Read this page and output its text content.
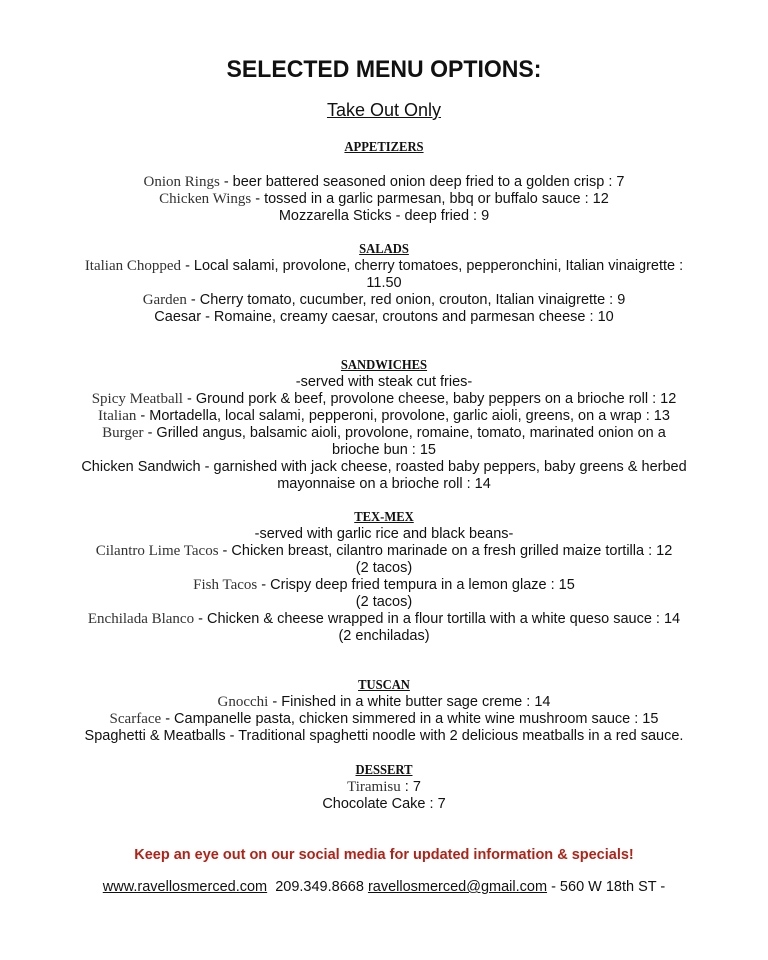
SELECTED MENU OPTIONS:
Take Out Only
APPETIZERS
Onion Rings - beer battered seasoned onion deep fried to a golden crisp : 7
Chicken Wings - tossed in a garlic parmesan, bbq or buffalo sauce : 12
Mozzarella Sticks - deep fried : 9
SALADS
Italian Chopped - Local salami, provolone, cherry tomatoes, pepperonchini, Italian vinaigrette :
11.50
Garden - Cherry tomato, cucumber, red onion, crouton, Italian vinaigrette : 9
Caesar - Romaine, creamy caesar, croutons and parmesan cheese : 10
SANDWICHES
-served with steak cut fries-
Spicy Meatball - Ground pork & beef, provolone cheese, baby peppers on a brioche roll : 12
Italian - Mortadella, local salami, pepperoni, provolone, garlic aioli, greens, on a wrap : 13
Burger - Grilled angus, balsamic aioli, provolone, romaine, tomato, marinated onion on a
brioche bun : 15
Chicken Sandwich - garnished with jack cheese, roasted baby peppers, baby greens & herbed
mayonnaise on a brioche roll : 14
TEX-MEX
-served with garlic rice and black beans-
Cilantro Lime Tacos - Chicken breast, cilantro marinade on a fresh grilled maize tortilla : 12
(2 tacos)
Fish Tacos - Crispy deep fried tempura in a lemon glaze : 15
(2 tacos)
Enchilada Blanco - Chicken & cheese wrapped in a flour tortilla with a white queso sauce : 14
(2 enchiladas)
TUSCAN
Gnocchi - Finished in a white butter sage creme : 14
Scarface - Campanelle pasta, chicken simmered in a white wine mushroom sauce : 15
Spaghetti & Meatballs - Traditional spaghetti noodle with 2 delicious meatballs in a red sauce.
DESSERT
Tiramisu : 7
Chocolate Cake : 7
Keep an eye out on our social media for updated information & specials!
www.ravellosmerced.com 209.349.8668 ravellosmerced@gmail.com - 560 W 18th ST -
